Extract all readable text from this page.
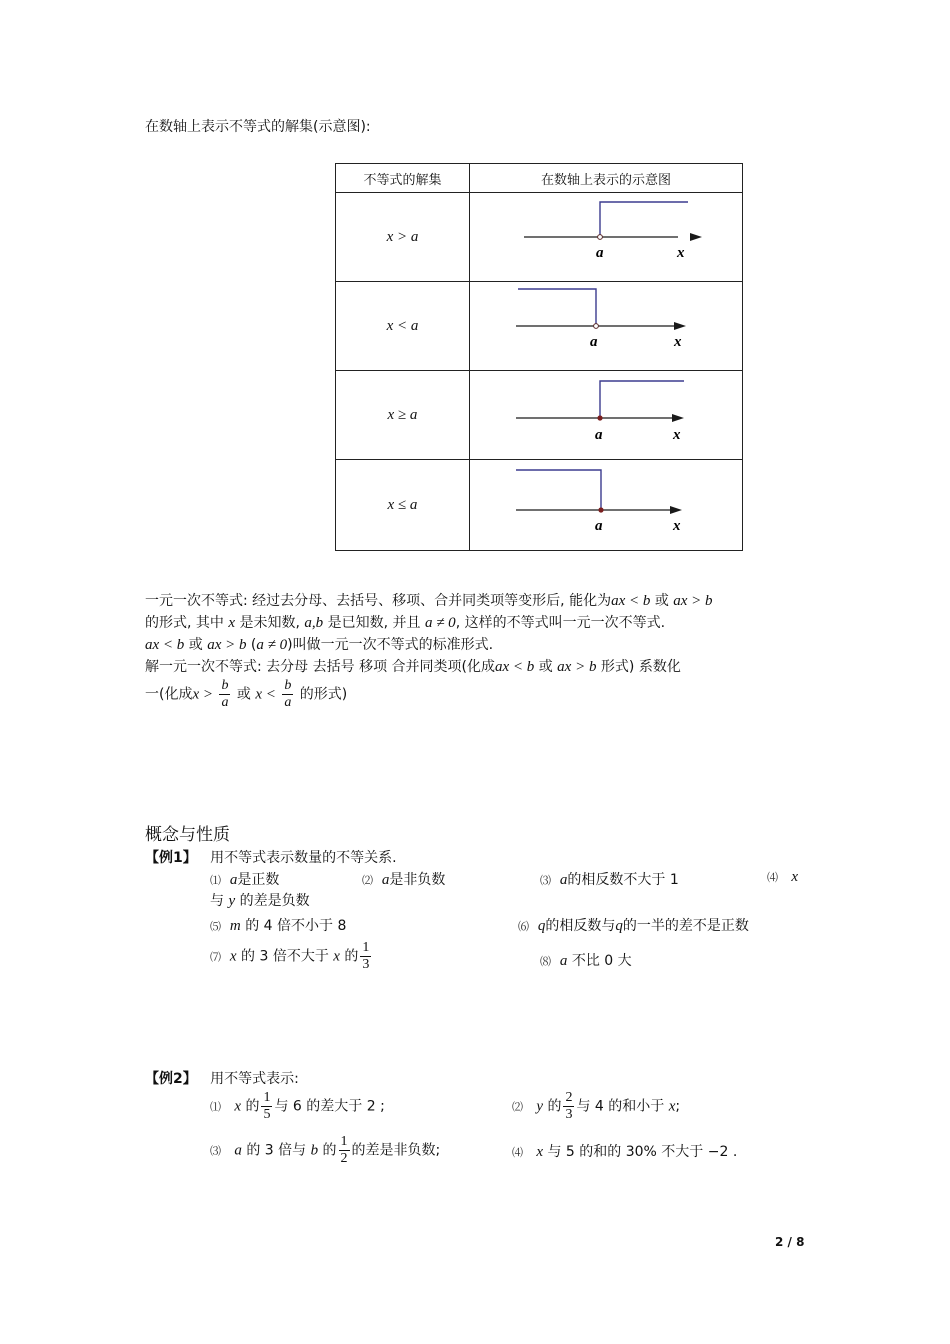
在数轴上表示不等式的解集(示意图):
不等式的解集	在数轴上表示的示意图
x > a	a x

x < a	a x

x ≥ a	a x

x ≤ a	a x
一元一次不等式: 经过去分母、去括号、移项、合并同类项等变形后, 能化为ax < b 或 ax > b
的形式, 其中 x 是未知数, a,b 是已知数, 并且 a ≠ 0, 这样的不等式叫一元一次不等式.
ax < b 或 ax > b (a ≠ 0)叫做一元一次不等式的标准形式.
解一元一次不等式: 去分母 去括号 移项 合并同类项(化成ax < b 或 ax > b 形式) 系数化
一(化成$x > \frac{b}{a}$ 或 $x < \frac{b}{a}$ 的形式)
概念与性质
【例1】 用不等式表示数量的不等关系.
⑴ a是正数	⑵ a是非负数	⑶ a的相反数不大于 1	⑷ x
与 y 的差是负数
⑸ m 的 4 倍不小于 8	⑹ q的相反数与q的一半的差不是正数
⑺ x 的 3 倍不大于 x 的 $\frac{1}{3}$	⑻ a 不比 0 大
【例2】 用不等式表示:
⑴ x 的 $\frac{1}{5}$ 与 6 的差大于 2 ;	⑵ y 的 $\frac{2}{3}$ 与 4 的和小于 x;
⑶ a 的 3 倍与 b 的 $\frac{1}{2}$ 的差是非负数;	⑷ x 与 5 的和的 30% 不大于 −2 .
2 / 8
